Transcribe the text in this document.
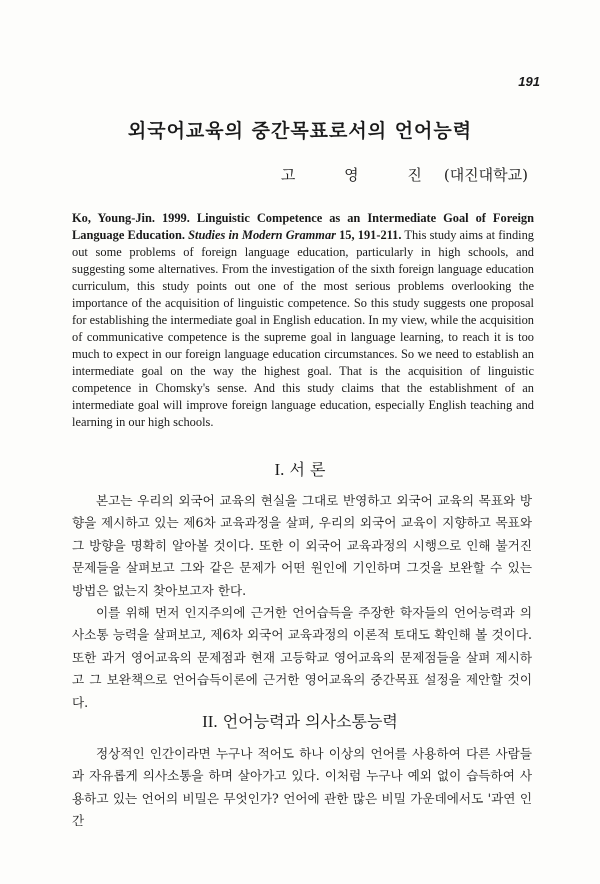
191
외국어교육의 중간목표로서의 언어능력
고 영 진(대진대학교)
Ko, Young-Jin. 1999. Linguistic Competence as an Intermediate Goal of Foreign Language Education. Studies in Modern Grammar 15, 191-211. This study aims at finding out some problems of foreign language education, particularly in high schools, and suggesting some alternatives. From the investigation of the sixth foreign language education curriculum, this study points out one of the most serious problems overlooking the importance of the acquisition of linguistic competence. So this study suggests one proposal for establishing the intermediate goal in English education. In my view, while the acquisition of communicative competence is the supreme goal in language learning, to reach it is too much to expect in our foreign language education circumstances. So we need to establish an intermediate goal on the way the highest goal. That is the acquisition of linguistic competence in Chomsky's sense. And this study claims that the establishment of an intermediate goal will improve foreign language education, especially English teaching and learning in our high schools.
I. 서 론

본고는 우리의 외국어 교육의 현실을 그대로 반영하고 외국어 교육의 목표와 방향을 제시하고 있는 제6차 교육과정을 살펴, 우리의 외국어 교육이 지향하고 목표와 그 방향을 명확히 알아볼 것이다. 또한 이 외국어 교육과정의 시행으로 인해 불거진 문제들을 살펴보고 그와 같은 문제가 어떤 원인에 기인하며 그것을 보완할 수 있는 방법은 없는지 찾아보고자 한다.

이를 위해 먼저 인지주의에 근거한 언어습득을 주장한 학자들의 언어능력과 의사소통 능력을 살펴보고, 제6차 외국어 교육과정의 이론적 토대도 확인해 볼 것이다. 또한 과거 영어교육의 문제점과 현재 고등학교 영어교육의 문제점들을 살펴 제시하고 그 보완책으로 언어습득이론에 근거한 영어교육의 중간목표 설정을 제안할 것이다.

II. 언어능력과 의사소통능력

정상적인 인간이라면 누구나 적어도 하나 이상의 언어를 사용하여 다른 사람들과 자유롭게 의사소통을 하며 살아가고 있다. 이처럼 누구나 예외 없이 습득하여 사용하고 있는 언어의 비밀은 무엇인가? 언어에 관한 많은 비밀 가운데에서도 '과연 인간
